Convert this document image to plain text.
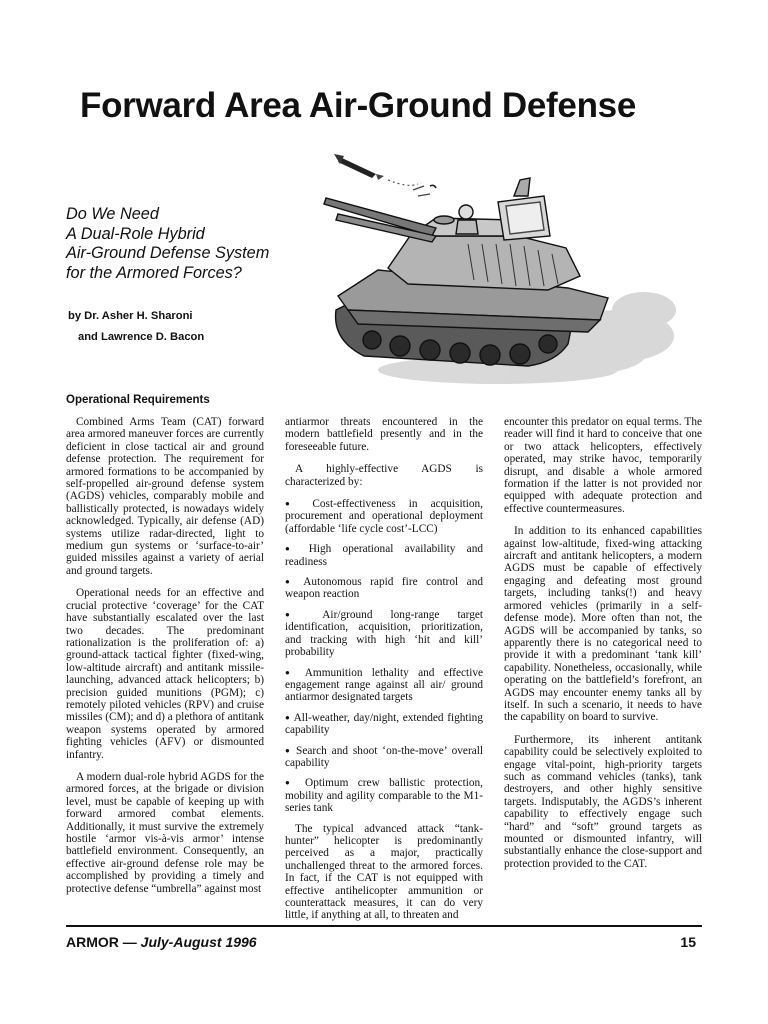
Forward Area Air-Ground Defense
Do We Need
A Dual-Role Hybrid
Air-Ground Defense System
for the Armored Forces?
by Dr. Asher H. Sharoni
and Lawrence D. Bacon
Operational Requirements

Combined Arms Team (CAT) forward area armored maneuver forces are currently deficient in close tactical air and ground defense protection. The requirement for armored formations to be accompanied by self-propelled air-ground defense system (AGDS) vehicles, comparably mobile and ballistically protected, is nowadays widely acknowledged. Typically, air defense (AD) systems utilize radar-directed, light to medium gun systems or ‘surface-to-air’ guided missiles against a variety of aerial and ground targets.

Operational needs for an effective and crucial protective ‘coverage’ for the CAT have substantially escalated over the last two decades. The predominant rationalization is the proliferation of: a) ground-attack tactical fighter (fixed-wing, low-altitude aircraft) and antitank missile-launching, advanced attack helicopters; b) precision guided munitions (PGM); c) remotely piloted vehicles (RPV) and cruise missiles (CM); and d) a plethora of antitank weapon systems operated by armored fighting vehicles (AFV) or dismounted infantry.

A modern dual-role hybrid AGDS for the armored forces, at the brigade or division level, must be capable of keeping up with forward armored combat elements. Additionally, it must survive the extremely hostile ‘armor vis-à-vis armor’ intense battlefield environment. Consequently, an effective air-ground defense role may be accomplished by providing a timely and protective defense “umbrella” against most

antiarmor threats encountered in the modern battlefield presently and in the foreseeable future.

A highly-effective AGDS is characterized by:

● Cost-effectiveness in acquisition, procurement and operational deployment (affordable ‘life cycle cost’-LCC)

● High operational availability and readiness

● Autonomous rapid fire control and weapon reaction

● Air/ground long-range target identification, acquisition, prioritization, and tracking with high ‘hit and kill’ probability

● Ammunition lethality and effective engagement range against all air/ ground antiarmor designated targets

● All-weather, day/night, extended fighting capability

● Search and shoot ‘on-the-move’ overall capability

● Optimum crew ballistic protection, mobility and agility comparable to the M1-series tank

The typical advanced attack “tank-hunter” helicopter is predominantly perceived as a major, practically unchallenged threat to the armored forces. In fact, if the CAT is not equipped with effective antihelicopter ammunition or counterattack measures, it can do very little, if anything at all, to threaten and

encounter this predator on equal terms. The reader will find it hard to conceive that one or two attack helicopters, effectively operated, may strike havoc, temporarily disrupt, and disable a whole armored formation if the latter is not provided nor equipped with adequate protection and effective countermeasures.

In addition to its enhanced capabilities against low-altitude, fixed-wing attacking aircraft and antitank helicopters, a modern AGDS must be capable of effectively engaging and defeating most ground targets, including tanks(!) and heavy armored vehicles (primarily in a self-defense mode). More often than not, the AGDS will be accompanied by tanks, so apparently there is no categorical need to provide it with a predominant ‘tank kill’ capability. Nonetheless, occasionally, while operating on the battlefield’s forefront, an AGDS may encounter enemy tanks all by itself. In such a scenario, it needs to have the capability on board to survive.

Furthermore, its inherent antitank capability could be selectively exploited to engage vital-point, high-priority targets such as command vehicles (tanks), tank destroyers, and other highly sensitive targets. Indisputably, the AGDS’s inherent capability to effectively engage such “hard” and “soft” ground targets as mounted or dismounted infantry, will substantially enhance the close-support and protection provided to the CAT.

ARMOR — July-August 1996	15
